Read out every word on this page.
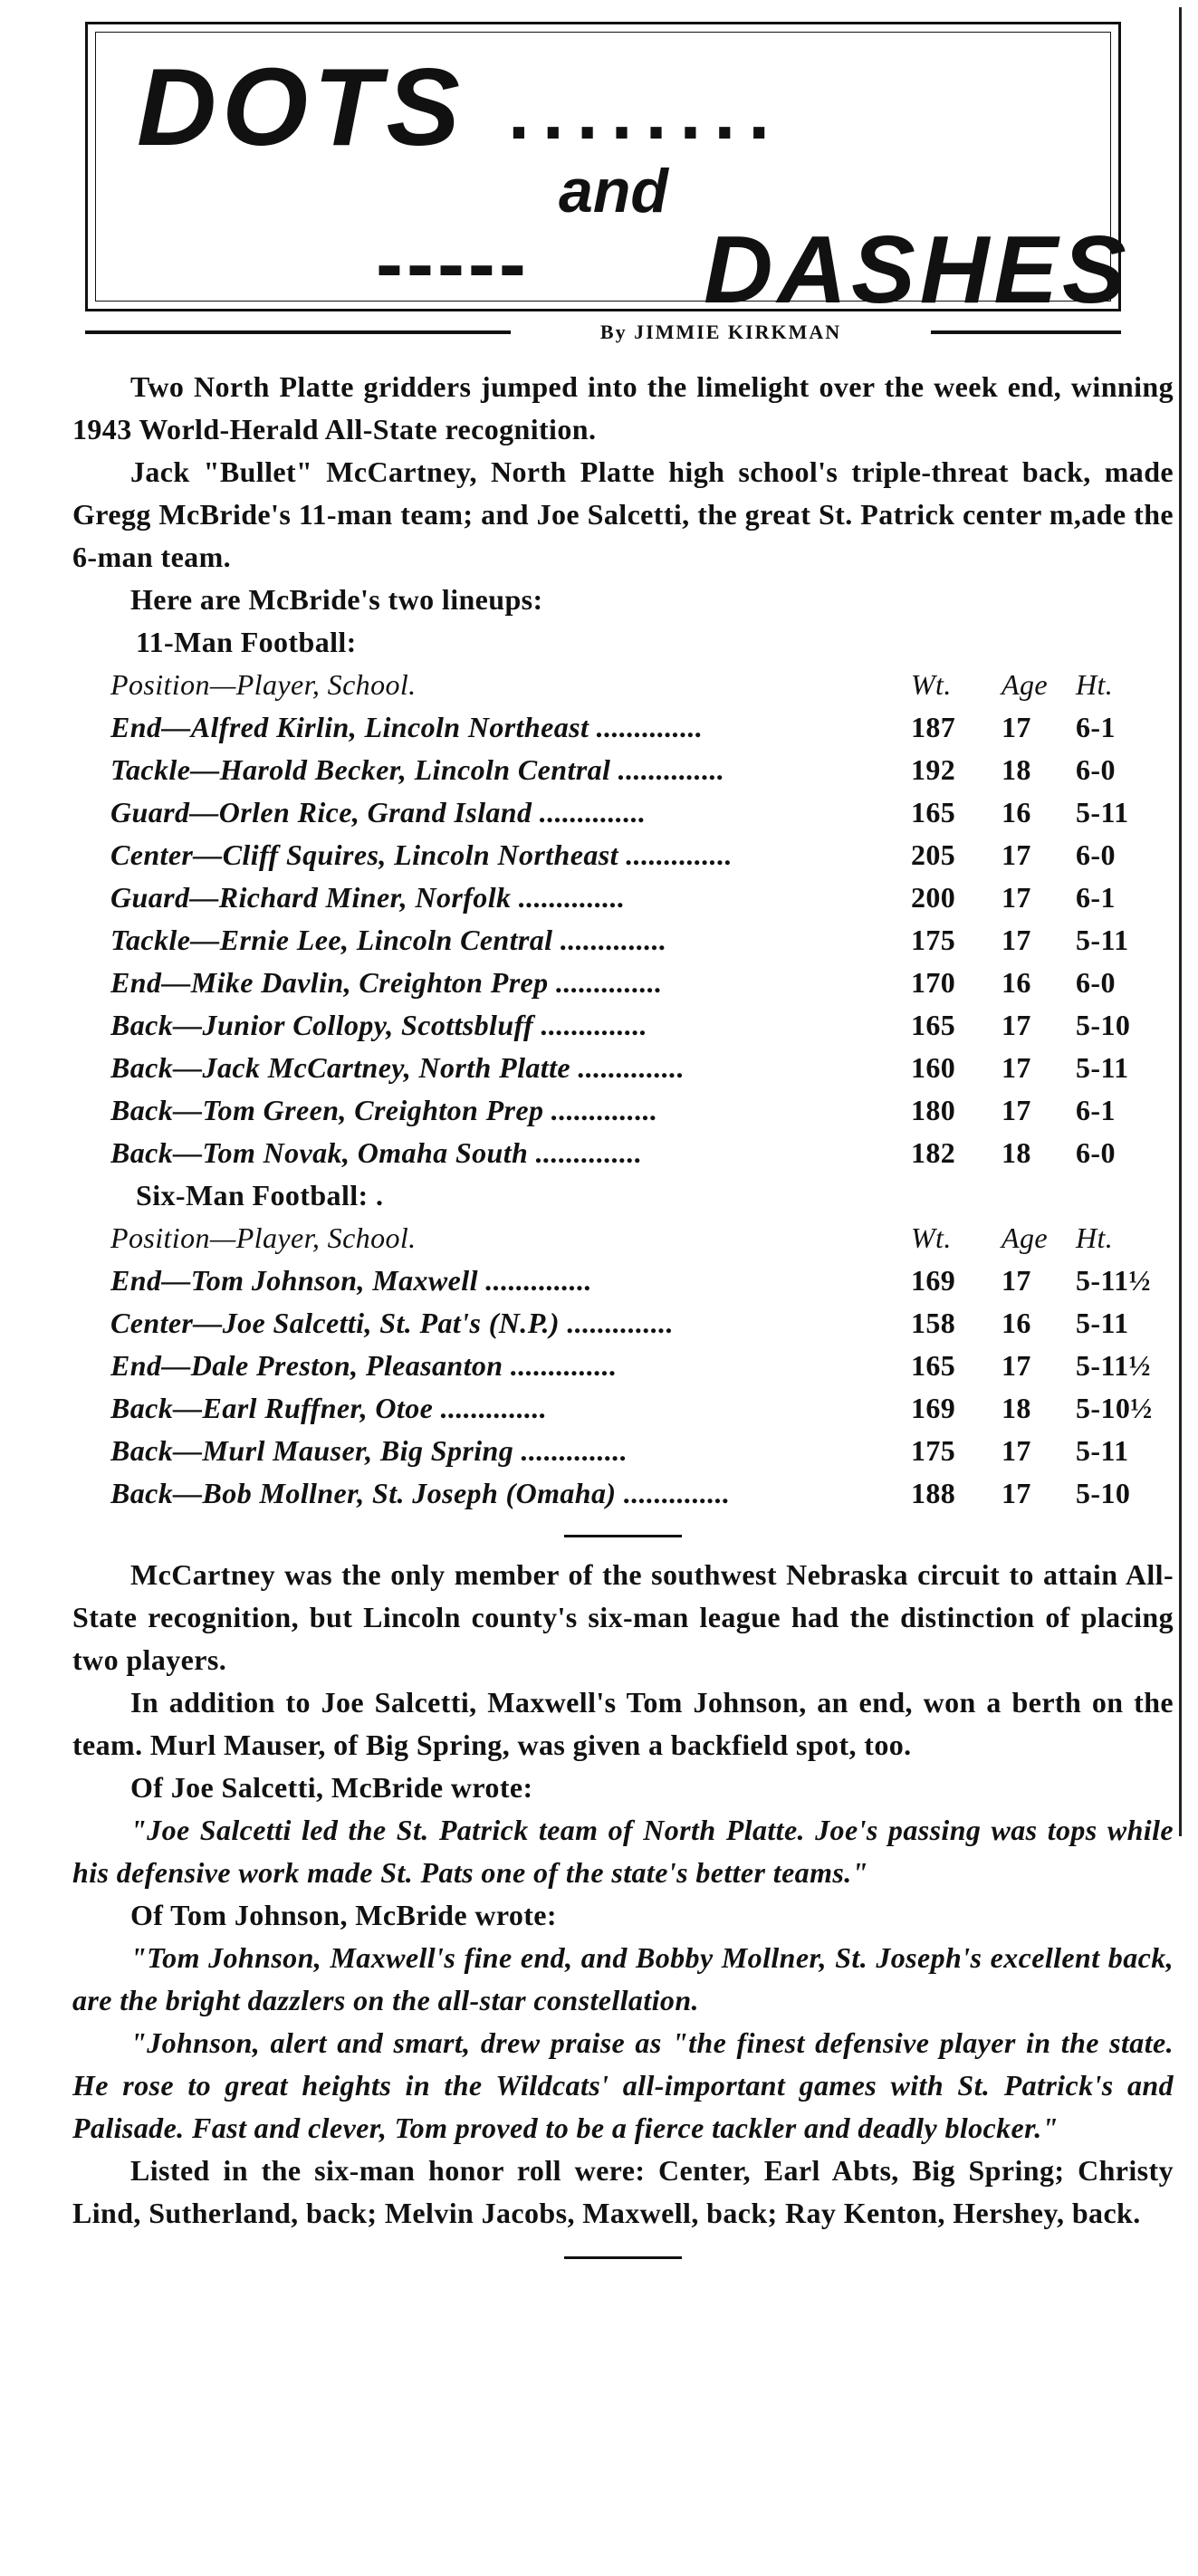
DOTS ........
and
----- DASHES
By JIMMIE KIRKMAN

Two North Platte gridders jumped into the limelight over the week end, winning 1943 World-Herald All-State recognition.

Jack "Bullet" McCartney, North Platte high school's triple-threat back, made Gregg McBride's 11-man team; and Joe Salcetti, the great St. Patrick center m,ade the 6-man team.

Here are McBride's two lineups:

11-Man Football:
Position—Player, School.	Wt.	Age Ht.
End—Alfred Kirlin, Lincoln Northeast ..............	187	17	6-1
Tackle—Harold Becker, Lincoln Central ..............	192	18	6-0
Guard—Orlen Rice, Grand Island ..............	165	16	5-11
Center—Cliff Squires, Lincoln Northeast ..............	205	17	6-0
Guard—Richard Miner, Norfolk ..............	200	17	6-1
Tackle—Ernie Lee, Lincoln Central ..............	175	17	5-11
End—Mike Davlin, Creighton Prep ..............	170	16	6-0
Back—Junior Collopy, Scottsbluff ..............	165	17	5-10
Back—Jack McCartney, North Platte ..............	160	17	5-11
Back—Tom Green, Creighton Prep ..............	180	17	6-1
Back—Tom Novak, Omaha South ..............	182	18	6-0
Six-Man Football: .
Position—Player, School.	Wt.	Age Ht.
End—Tom Johnson, Maxwell ..............	169	17	5-11½
Center—Joe Salcetti, St. Pat's (N.P.) ..............	158	16	5-11
End—Dale Preston, Pleasanton ..............	165	17	5-11½
Back—Earl Ruffner, Otoe ..............	169	18	5-10½
Back—Murl Mauser, Big Spring ..............	175	17	5-11
Back—Bob Mollner, St. Joseph (Omaha) ..............	188	17	5-10

McCartney was the only member of the southwest Nebraska circuit to attain All-State recognition, but Lincoln county's six-man league had the distinction of placing two players.

In addition to Joe Salcetti, Maxwell's Tom Johnson, an end, won a berth on the team. Murl Mauser, of Big Spring, was given a backfield spot, too.

Of Joe Salcetti, McBride wrote:

"Joe Salcetti led the St. Patrick team of North Platte. Joe's passing was tops while his defensive work made St. Pats one of the state's better teams."

Of Tom Johnson, McBride wrote:

"Tom Johnson, Maxwell's fine end, and Bobby Mollner, St. Joseph's excellent back, are the bright dazzlers on the all-star constellation.

"Johnson, alert and smart, drew praise as "the finest defensive player in the state. He rose to great heights in the Wildcats' all-important games with St. Patrick's and Palisade. Fast and clever, Tom proved to be a fierce tackler and deadly blocker."

Listed in the six-man honor roll were: Center, Earl Abts, Big Spring; Christy Lind, Sutherland, back; Melvin Jacobs, Maxwell, back; Ray Kenton, Hershey, back.
